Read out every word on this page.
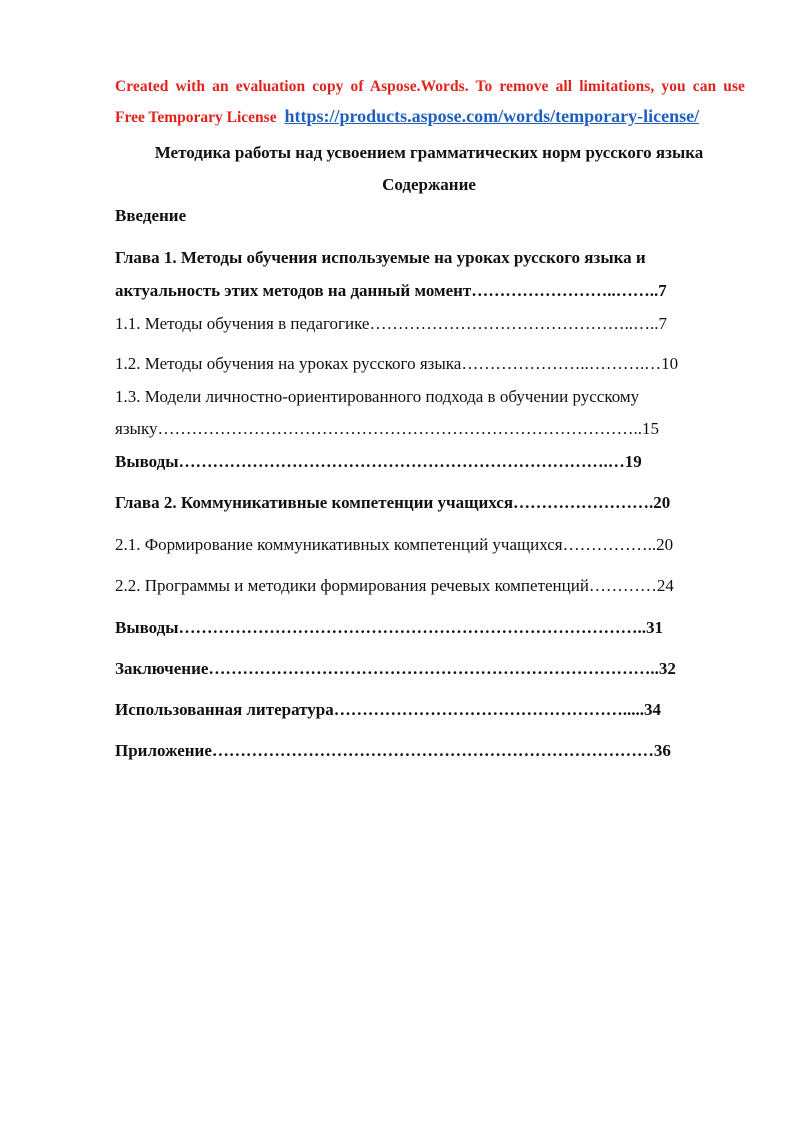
Created with an evaluation copy of Aspose.Words. To remove all limitations, you can use
Free Temporary License https://products.aspose.com/words/temporary-license/
Методика работы над усвоением грамматических норм русского языка
Содержание
Введение
Глава 1. Методы обучения используемые на уроках русского языка и
актуальность этих методов на данный момент……………………..……..7
1.1. Методы обучения в педагогике………………………………………..…..7
1.2. Методы обучения на уроках русского языка…………………..……….…10
1.3. Модели личностно-ориентированного подхода в обучении русскому
языку…………………………………………………………………………..15
Выводы………………………………………………………………….…19
Глава 2. Коммуникативные компетенции учащихся…………………….20
2.1. Формирование коммуникативных компетенций учащихся……………..20
2.2. Программы и методики формирования речевых компетенций…………24
Выводы………………………………………………………………………..31
Заключение……………………………………………………………………..32
Использованная литература…………………………………………….....34
Приложение……………………………………………………………………36
